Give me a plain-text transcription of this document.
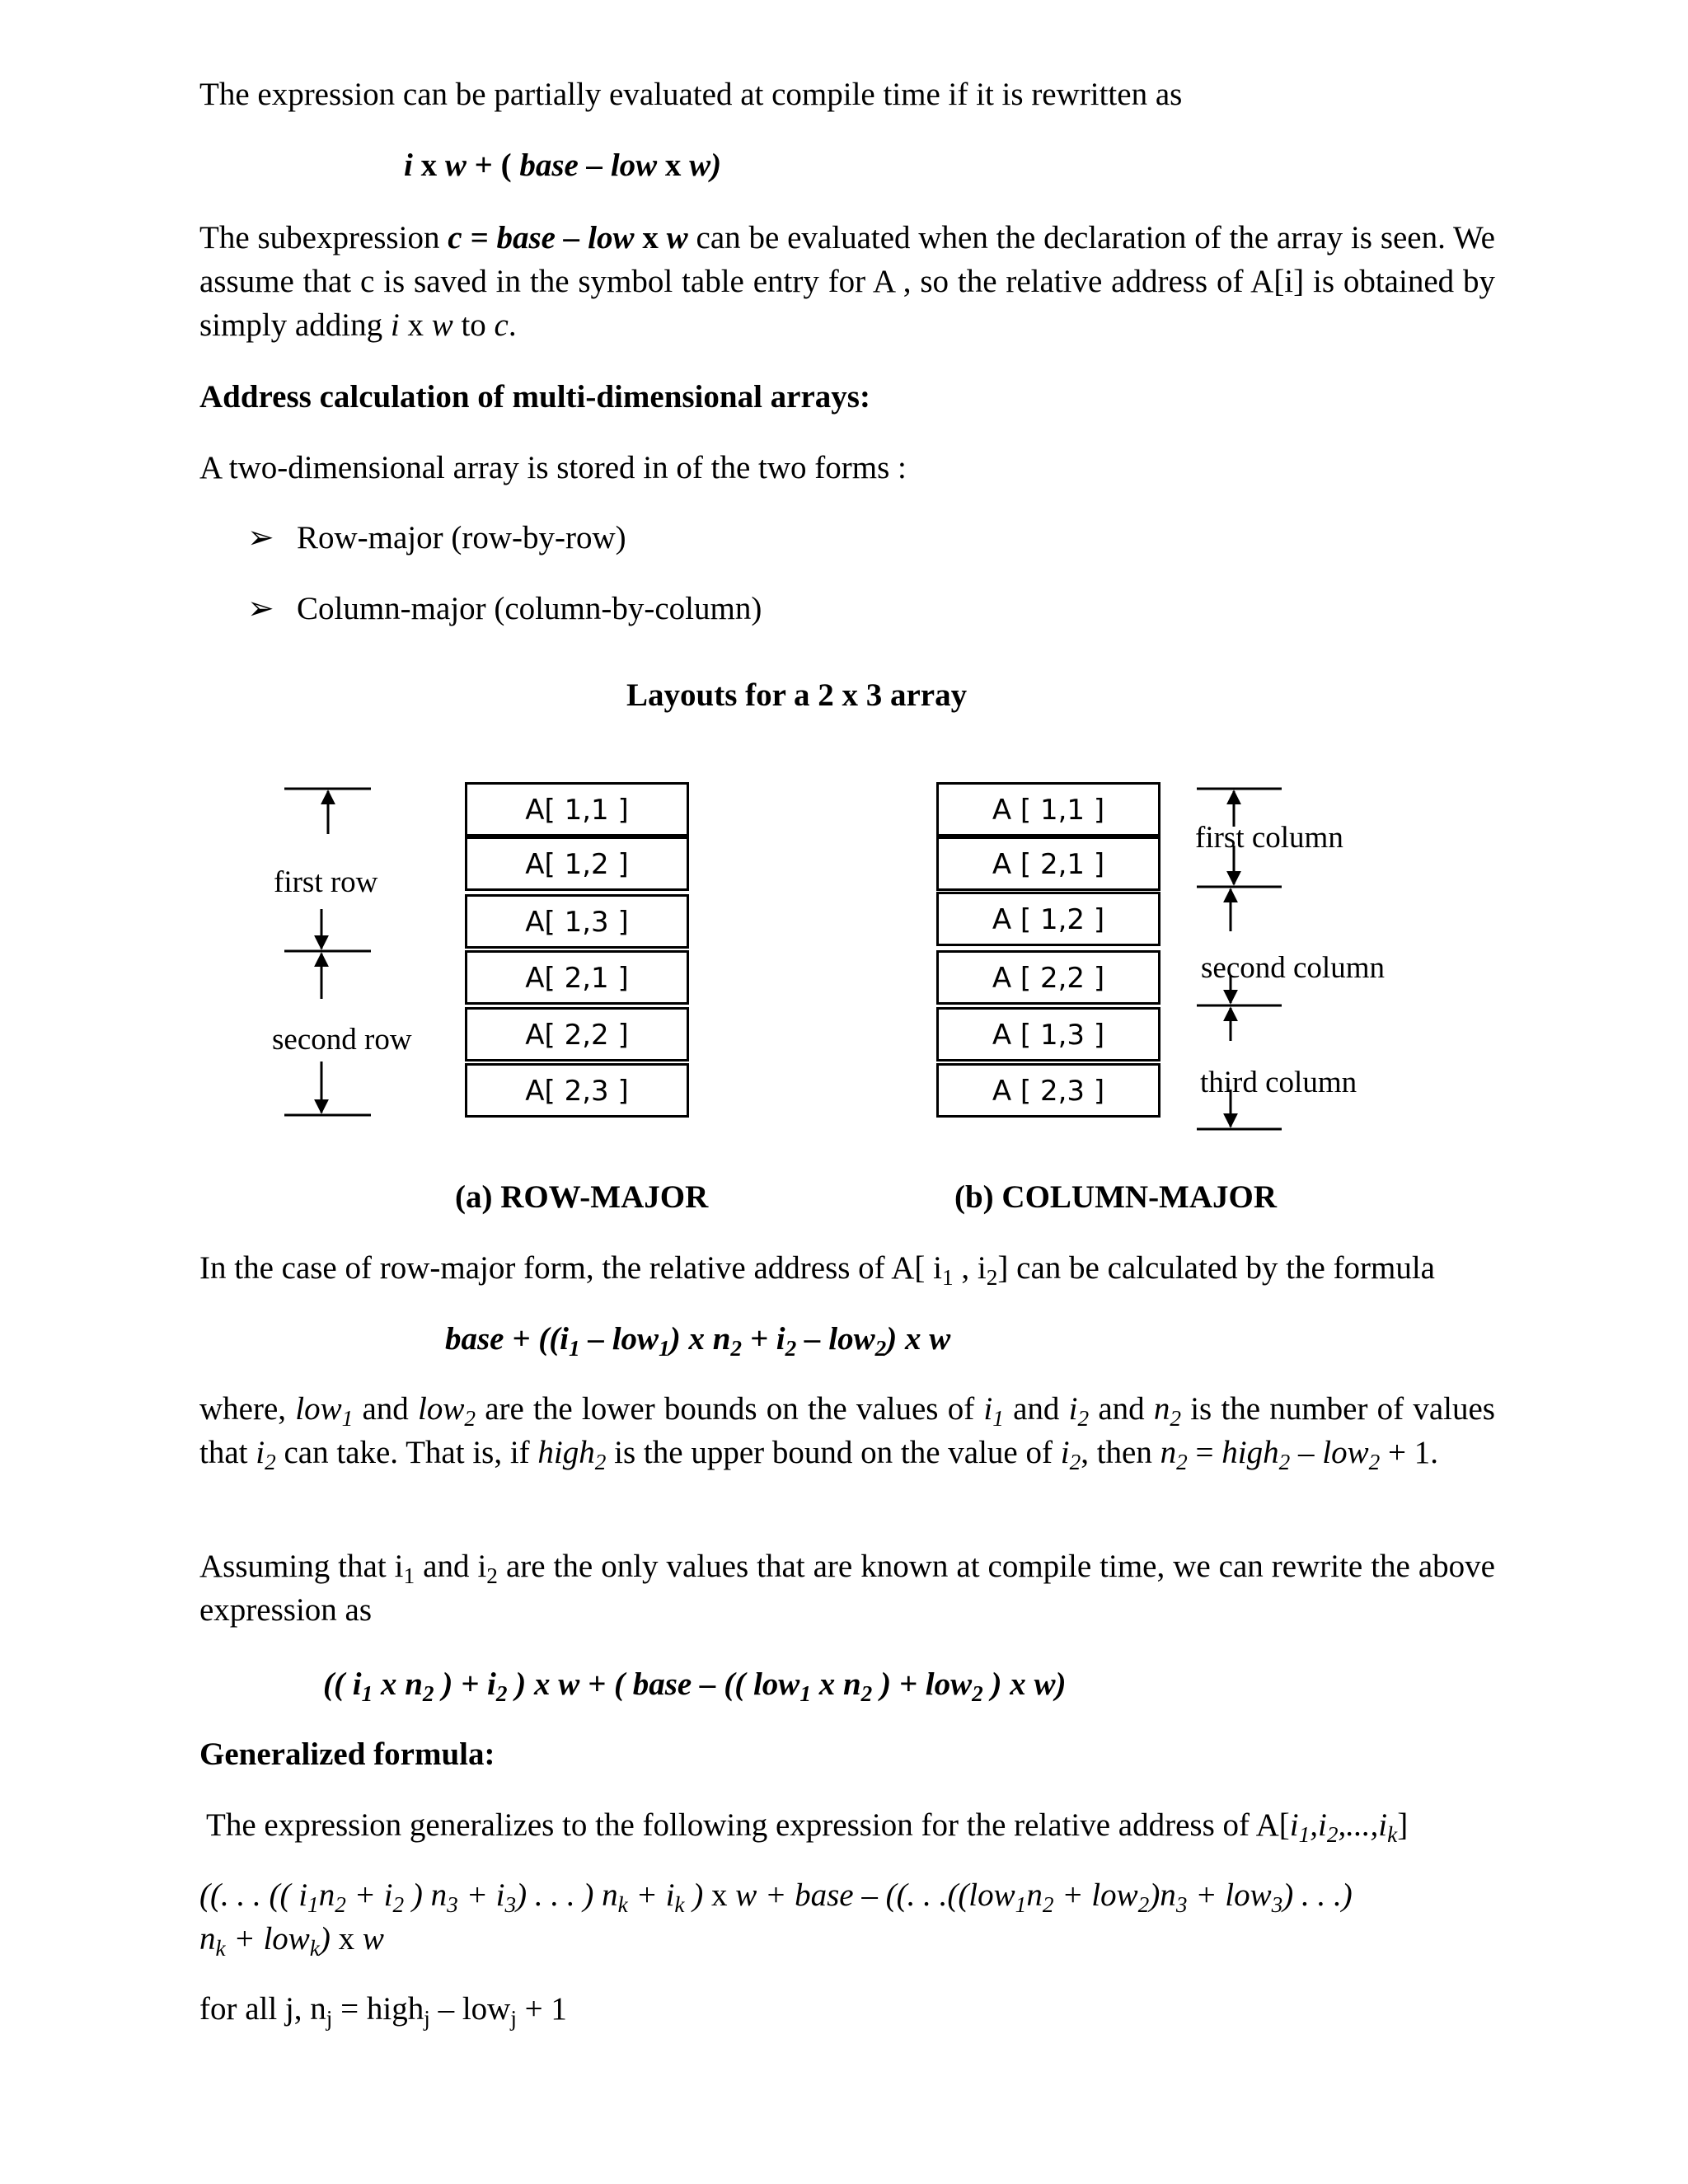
The expression can be partially evaluated at compile time if it is rewritten as
i x w + ( base – low x w)
The subexpression c = base – low x w can be evaluated when the declaration of the array is seen. We assume that c is saved in the symbol table entry for A , so the relative address of A[i] is obtained by simply adding i x w to c.
Address calculation of multi-dimensional arrays:
A two-dimensional array is stored in of the two forms :
➢ Row-major (row-by-row)
➢ Column-major (column-by-column)
Layouts for a 2 x 3 array
A[ 1,1 ]
A[ 1,2 ]
A[ 1,3 ]
A[ 2,1 ]
A[ 2,2 ]
A[ 2,3 ]
A [ 1,1 ]
A [ 2,1 ]
A [ 1,2 ]
A [ 2,2 ]
A [ 1,3 ]
A [ 2,3 ]
first row
second row
first column
second column
third column
(a) ROW-MAJOR	(b) COLUMN-MAJOR
In the case of row-major form, the relative address of A[ $i_1$ , $i_2$] can be calculated by the formula
base + ($(i_1 - low_1)$ x $n_2 + i_2 - low_2$) x w
where, low$_1$ and low$_2$ are the lower bounds on the values of $i_1$ and $i_2$ and $n_2$ is the number of values that $i_2$ can take. That is, if high$_2$ is the upper bound on the value of $i_2$, then $n_2$ = high$_2$ – low$_2$ + 1.
Assuming that $i_1$ and $i_2$ are the only values that are known at compile time, we can rewrite the above expression as
(( $i_1$ x $n_2$ ) + $i_2$ ) x w + ( base – (( low$_1$ x $n_2$ ) + low$_2$ ) x w)
Generalized formula:
The expression generalizes to the following expression for the relative address of $A[i_1,i_2,...,i_k]$
((. . . (( $i_1n_2 + i_2$ ) $n_3 + i_3$) . . . ) $n_k + i_k$ ) x w + base – ((. . $.((low_1n_2 + low_2)n_3 + low_3)$ . . .)
$n_k + low_k$) x w
for all j, $n_j$ = high$_j$ – low$_j$ + 1
